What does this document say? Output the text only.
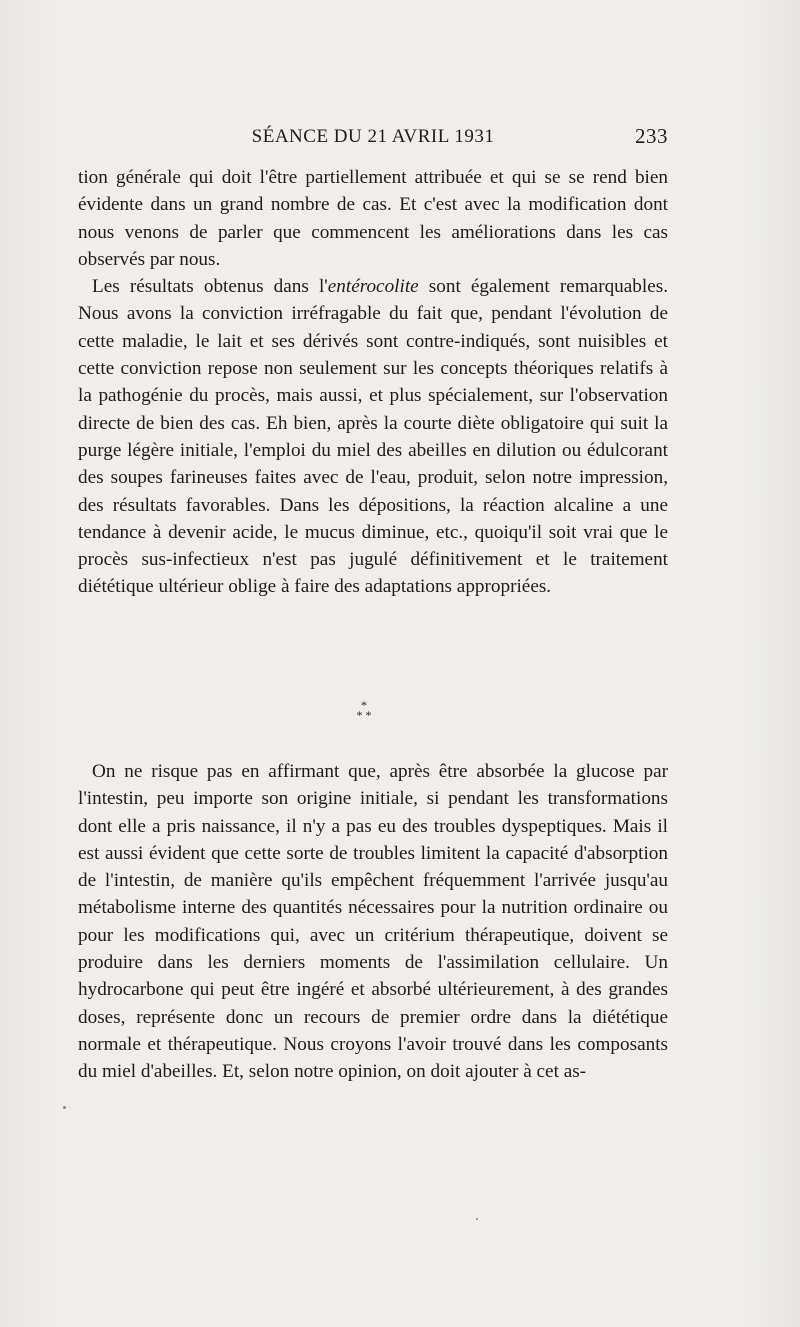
SÉANCE DU 21 AVRIL 1931	233

tion générale qui doit l'être partiellement attribuée et qui se se rend bien évidente dans un grand nombre de cas. Et c'est avec la modification dont nous venons de parler que commencent les améliorations dans les cas observés par nous.

Les résultats obtenus dans l'entérocolite sont également remarquables. Nous avons la conviction irréfragable du fait que, pendant l'évolution de cette maladie, le lait et ses dérivés sont contre-indiqués, sont nuisibles et cette conviction repose non seulement sur les concepts théoriques relatifs à la pathogénie du procès, mais aussi, et plus spécialement, sur l'observation directe de bien des cas. Eh bien, après la courte diète obligatoire qui suit la purge légère initiale, l'emploi du miel des abeilles en dilution ou édulcorant des soupes farineuses faites avec de l'eau, produit, selon notre impression, des résultats favorables. Dans les dépositions, la réaction alcaline a une tendance à devenir acide, le mucus diminue, etc., quoiqu'il soit vrai que le procès sus-infectieux n'est pas jugulé définitivement et le traitement diététique ultérieur oblige à faire des adaptations appropriées.

*
* *

On ne risque pas en affirmant que, après être absorbée la glucose par l'intestin, peu importe son origine initiale, si pendant les transformations dont elle a pris naissance, il n'y a pas eu des troubles dyspeptiques. Mais il est aussi évident que cette sorte de troubles limitent la capacité d'absorption de l'intestin, de manière qu'ils empêchent fréquemment l'arrivée jusqu'au métabolisme interne des quantités nécessaires pour la nutrition ordinaire ou pour les modifications qui, avec un critérium thérapeutique, doivent se produire dans les derniers moments de l'assimilation cellulaire. Un hydrocarbone qui peut être ingéré et absorbé ultérieurement, à des grandes doses, représente donc un recours de premier ordre dans la diététique normale et thérapeutique. Nous croyons l'avoir trouvé dans les composants du miel d'abeilles. Et, selon notre opinion, on doit ajouter à cet as-
